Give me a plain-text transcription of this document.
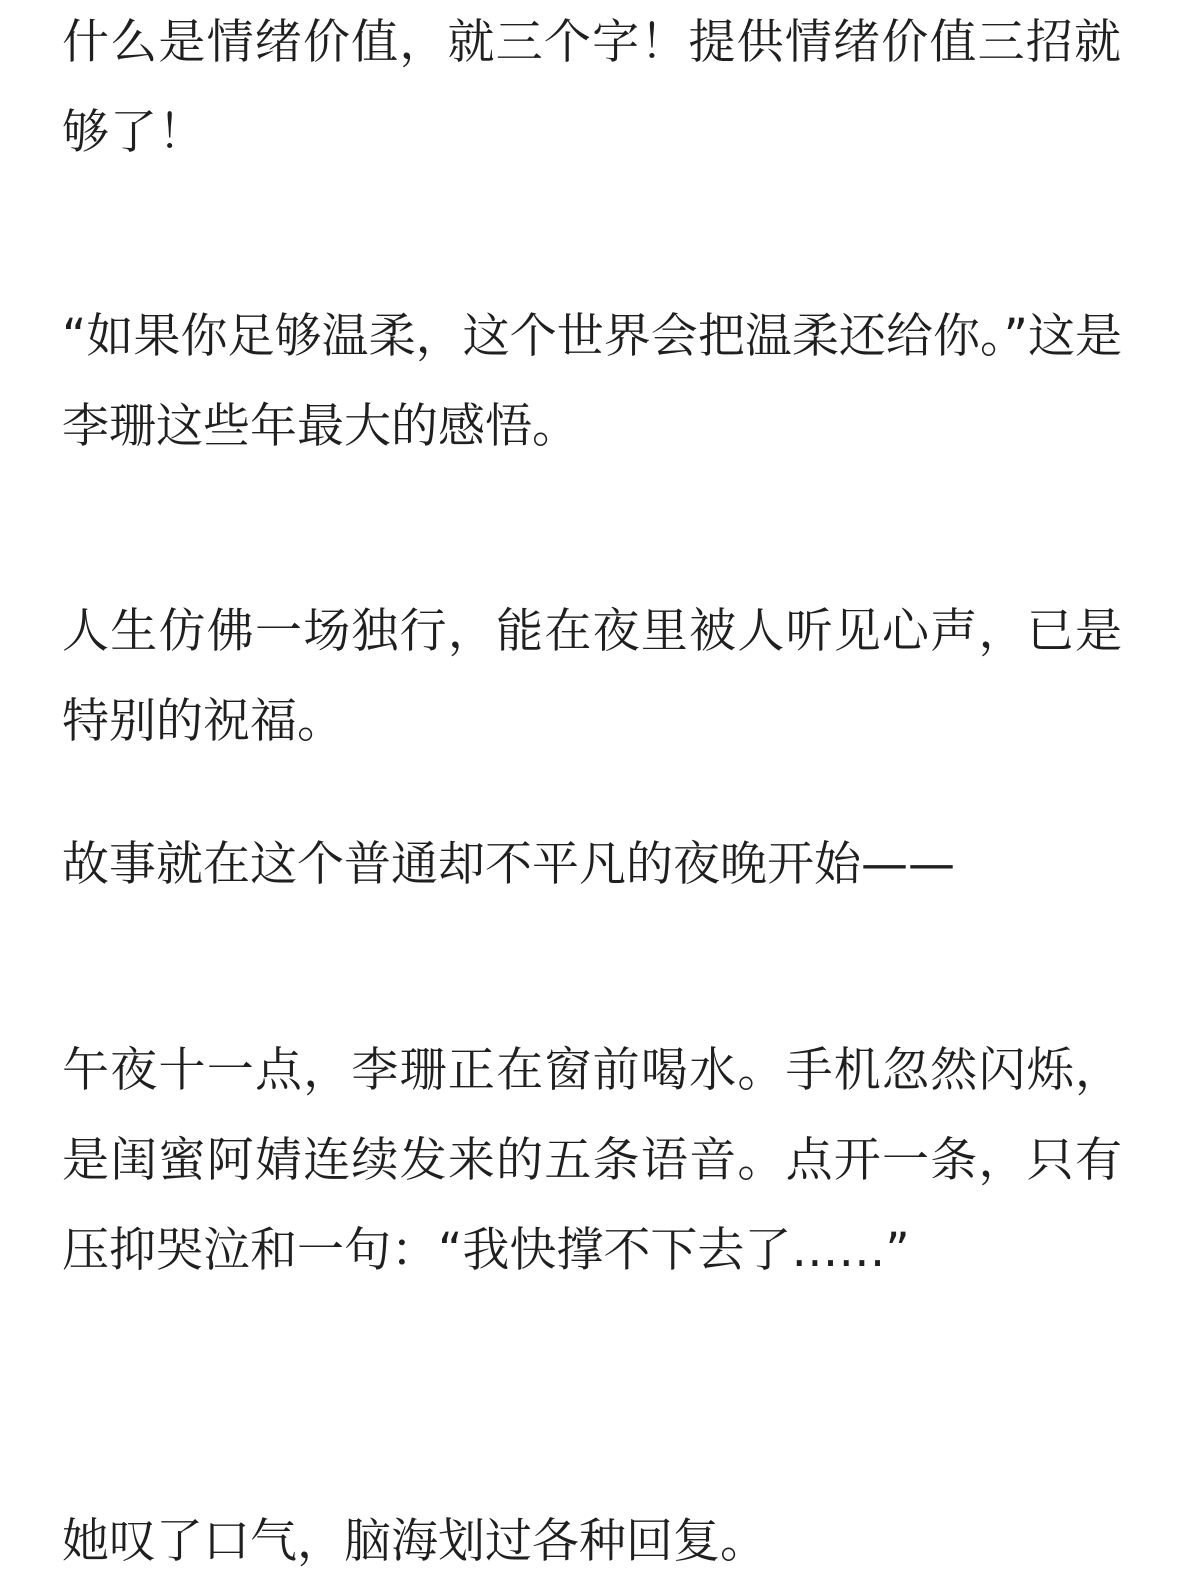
什么是情绪价值，就三个字！提供情绪价值三招就够了！

“如果你足够温柔，这个世界会把温柔还给你。”这是李珊这些年最大的感悟。

人生仿佛一场独行，能在夜里被人听见心声，已是特别的祝福。

故事就在这个普通却不平凡的夜晚开始——

午夜十一点，李珊正在窗前喝水。手机忽然闪烁，是闺蜜阿婧连续发来的五条语音。点开一条，只有压抑哭泣和一句：“我快撑不下去了……”

她叹了口气，脑海划过各种回复。
